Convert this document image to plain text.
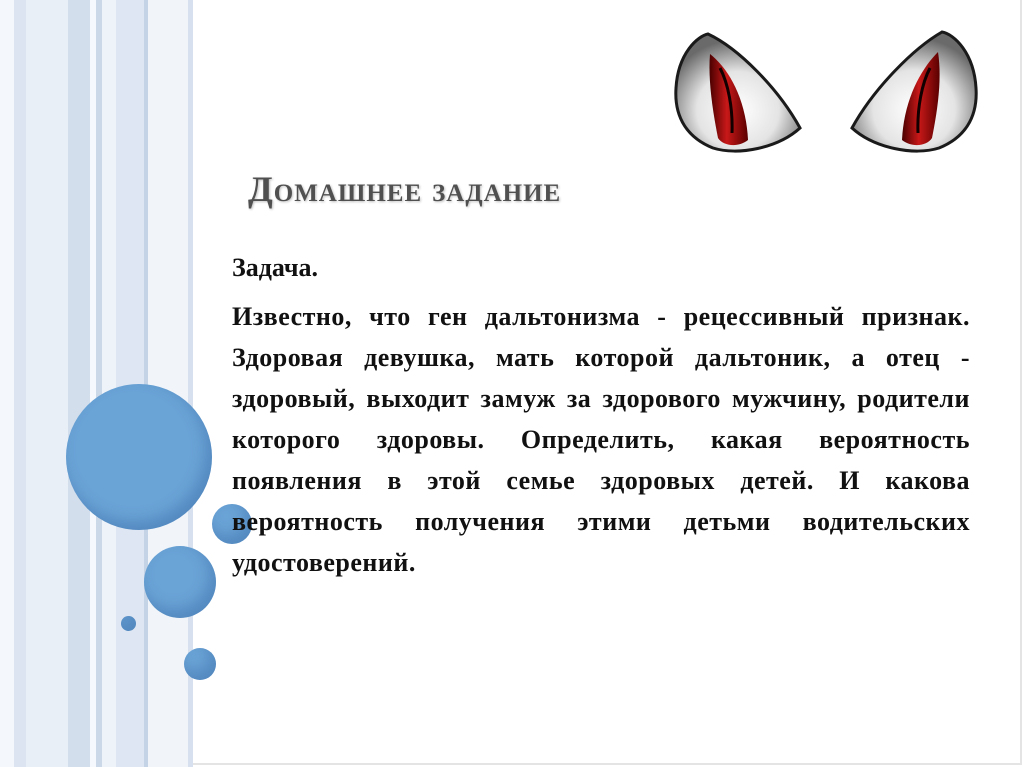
Домашнее задание
Задача.

Известно, что ген дальтонизма - рецессивный признак. Здоровая девушка, мать которой дальтоник, а отец - здоровый, выходит замуж за здорового мужчину, родители которого здоровы. Определить, какая вероятность появления в этой семье здоровых детей. И какова вероятность получения этими детьми водительских удостоверений.
